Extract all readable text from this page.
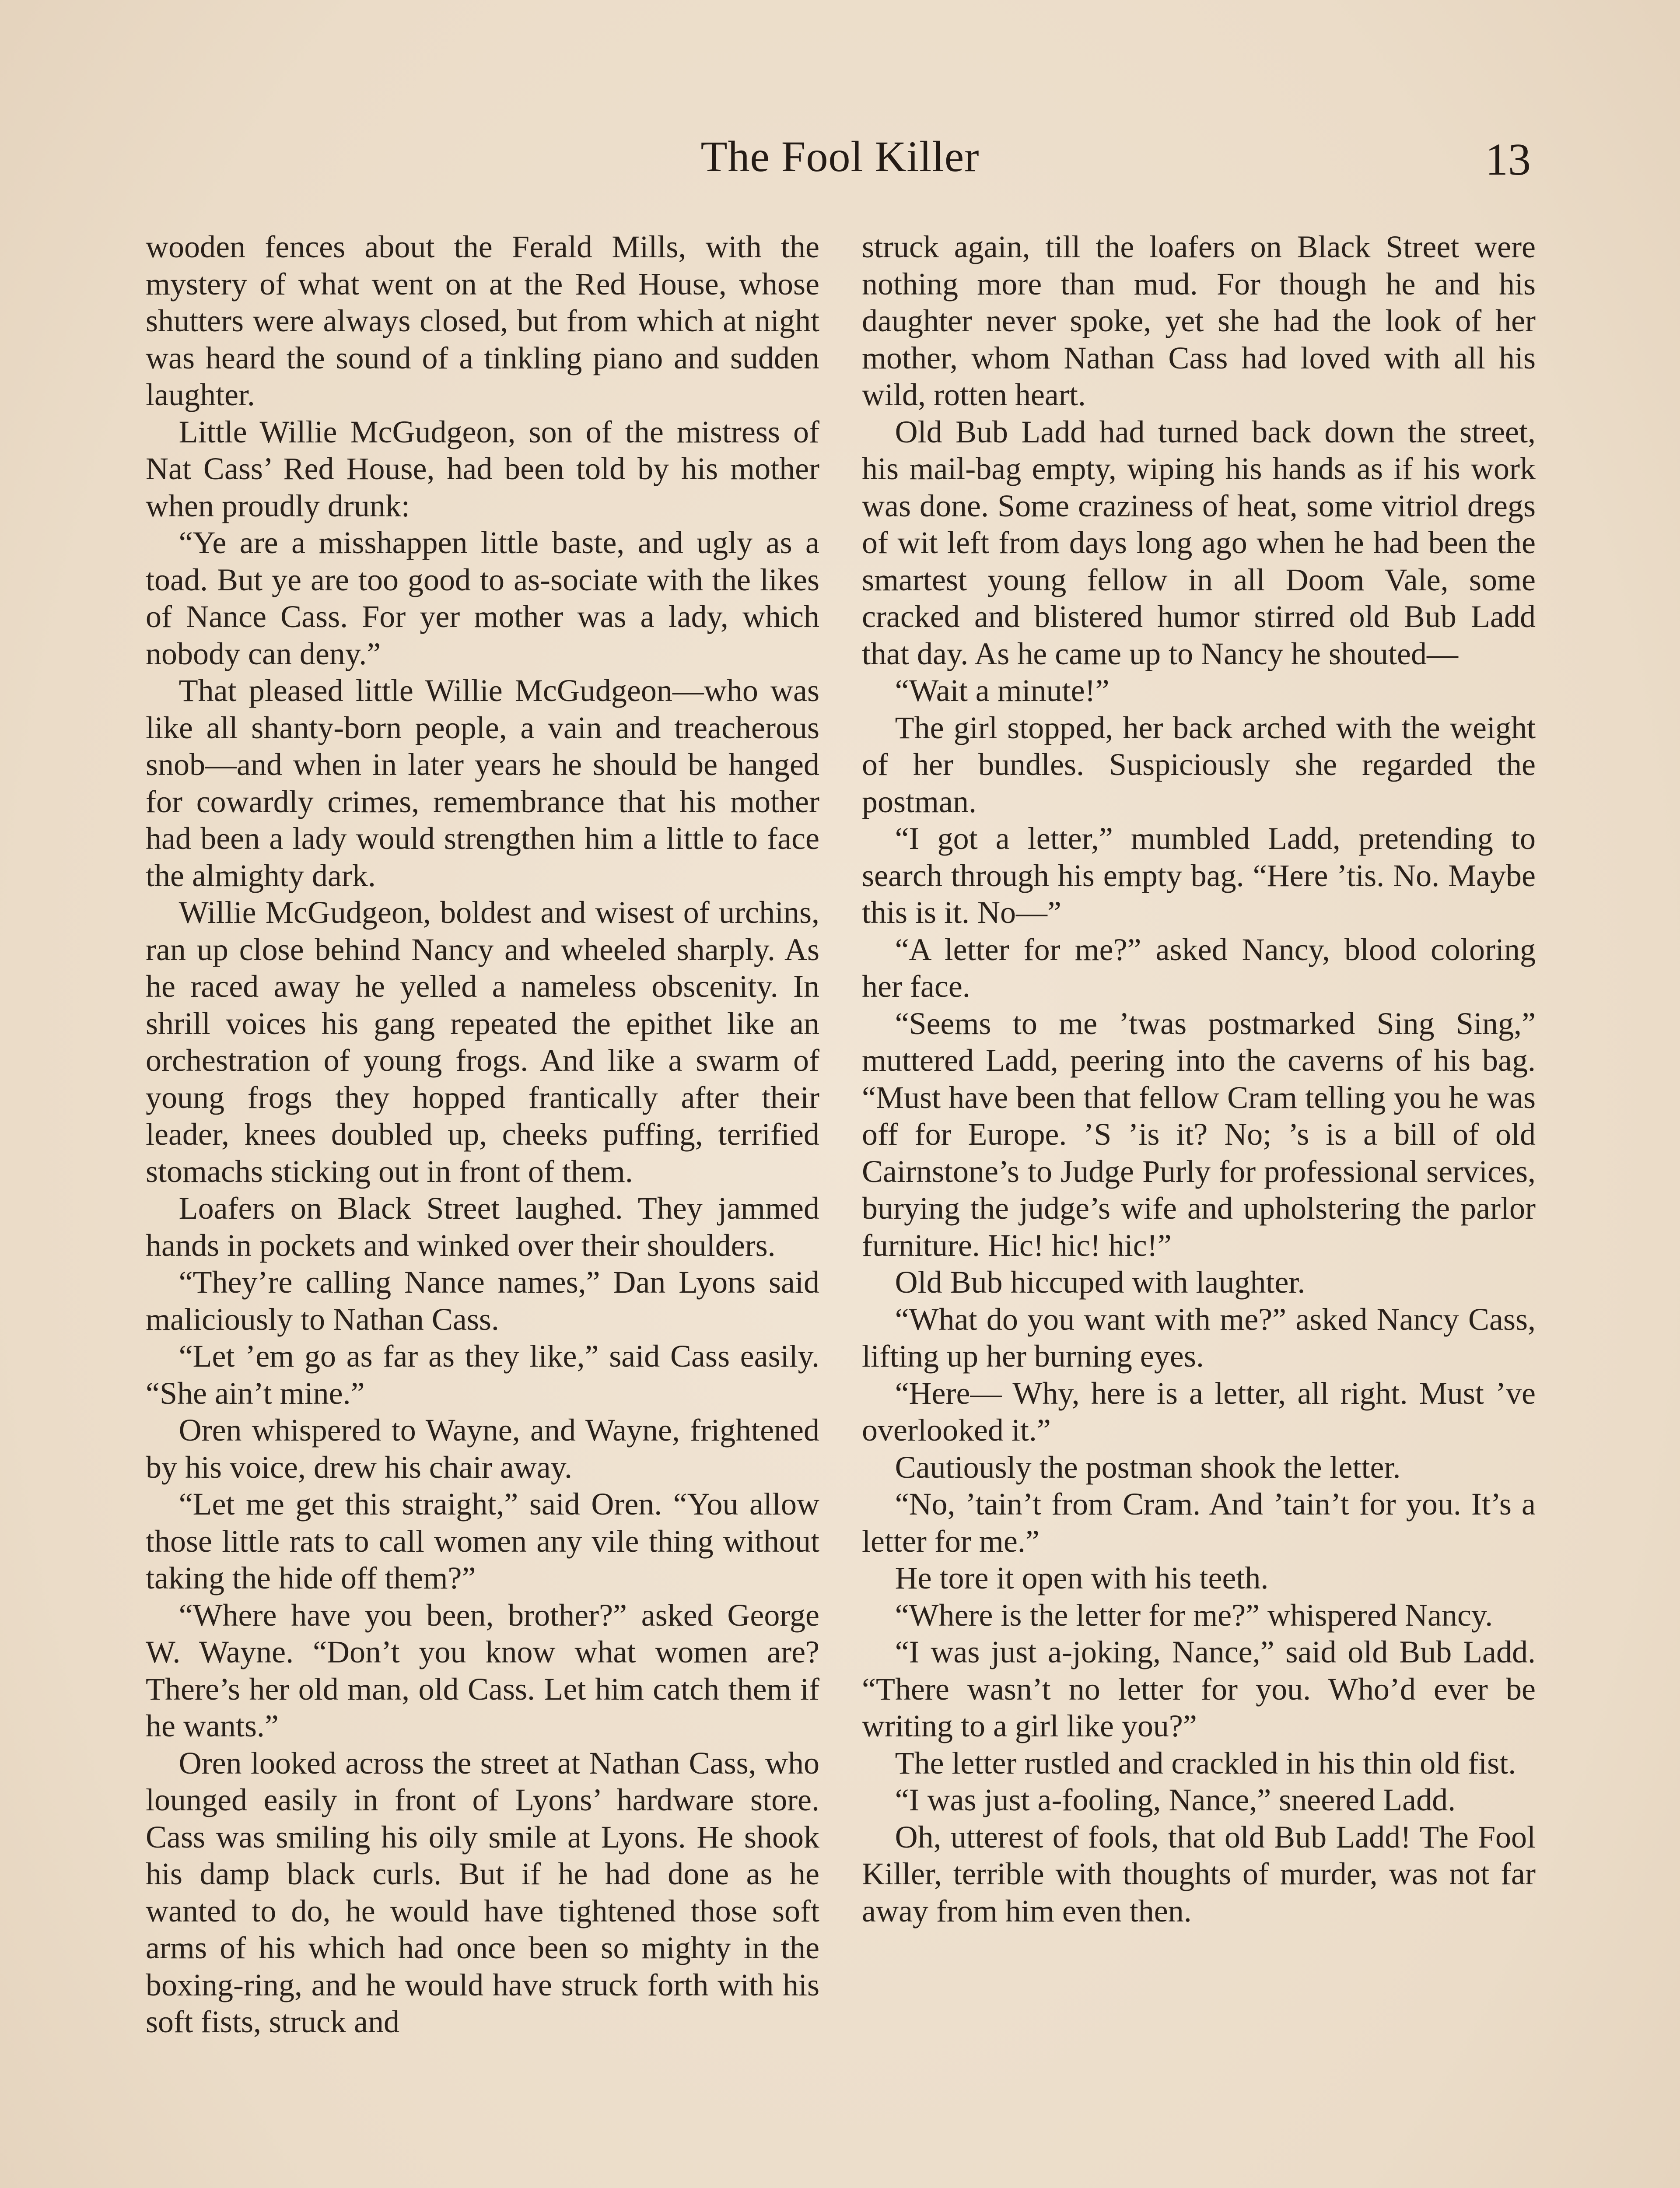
The Fool Killer	13

wooden fences about the Ferald Mills, with the mystery of what went on at the Red House, whose shutters were always closed, but from which at night was heard the sound of a tinkling piano and sudden laughter.

Little Willie McGudgeon, son of the mistress of Nat Cass’ Red House, had been told by his mother when proudly drunk:

“Ye are a misshappen little baste, and ugly as a toad. But ye are too good to as-sociate with the likes of Nance Cass. For yer mother was a lady, which nobody can deny.”

That pleased little Willie McGudgeon—who was like all shanty-born people, a vain and treacherous snob—and when in later years he should be hanged for cowardly crimes, remembrance that his mother had been a lady would strengthen him a little to face the almighty dark.

Willie McGudgeon, boldest and wisest of urchins, ran up close behind Nancy and wheeled sharply. As he raced away he yelled a nameless obscenity. In shrill voices his gang repeated the epithet like an orchestration of young frogs. And like a swarm of young frogs they hopped frantically after their leader, knees doubled up, cheeks puffing, terrified stomachs sticking out in front of them.

Loafers on Black Street laughed. They jammed hands in pockets and winked over their shoulders.

“They’re calling Nance names,” Dan Lyons said maliciously to Nathan Cass.

“Let ’em go as far as they like,” said Cass easily. “She ain’t mine.”

Oren whispered to Wayne, and Wayne, frightened by his voice, drew his chair away.

“Let me get this straight,” said Oren. “You allow those little rats to call women any vile thing without taking the hide off them?”

“Where have you been, brother?” asked George W. Wayne. “Don’t you know what women are? There’s her old man, old Cass. Let him catch them if he wants.”

Oren looked across the street at Nathan Cass, who lounged easily in front of Lyons’ hardware store. Cass was smiling his oily smile at Lyons. He shook his damp black curls. But if he had done as he wanted to do, he would have tightened those soft arms of his which had once been so mighty in the boxing-ring, and he would have struck forth with his soft fists, struck and

struck again, till the loafers on Black Street were nothing more than mud. For though he and his daughter never spoke, yet she had the look of her mother, whom Nathan Cass had loved with all his wild, rotten heart.

Old Bub Ladd had turned back down the street, his mail-bag empty, wiping his hands as if his work was done. Some craziness of heat, some vitriol dregs of wit left from days long ago when he had been the smartest young fellow in all Doom Vale, some cracked and blistered humor stirred old Bub Ladd that day. As he came up to Nancy he shouted—

“Wait a minute!”

The girl stopped, her back arched with the weight of her bundles. Suspiciously she regarded the postman.

“I got a letter,” mumbled Ladd, pretending to search through his empty bag. “Here ’tis. No. Maybe this is it. No—”

“A letter for me?” asked Nancy, blood coloring her face.

“Seems to me ’twas postmarked Sing Sing,” muttered Ladd, peering into the caverns of his bag. “Must have been that fellow Cram telling you he was off for Europe. ’S ’is it? No; ’s is a bill of old Cairnstone’s to Judge Purly for professional services, burying the judge’s wife and upholstering the parlor furniture. Hic! hic! hic!”

Old Bub hiccuped with laughter.

“What do you want with me?” asked Nancy Cass, lifting up her burning eyes.

“Here— Why, here is a letter, all right. Must ’ve overlooked it.”

Cautiously the postman shook the letter.

“No, ’tain’t from Cram. And ’tain’t for you. It’s a letter for me.”

He tore it open with his teeth.

“Where is the letter for me?” whispered Nancy.

“I was just a-joking, Nance,” said old Bub Ladd. “There wasn’t no letter for you. Who’d ever be writing to a girl like you?”

The letter rustled and crackled in his thin old fist.

“I was just a-fooling, Nance,” sneered Ladd.

Oh, utterest of fools, that old Bub Ladd! The Fool Killer, terrible with thoughts of murder, was not far away from him even then.
